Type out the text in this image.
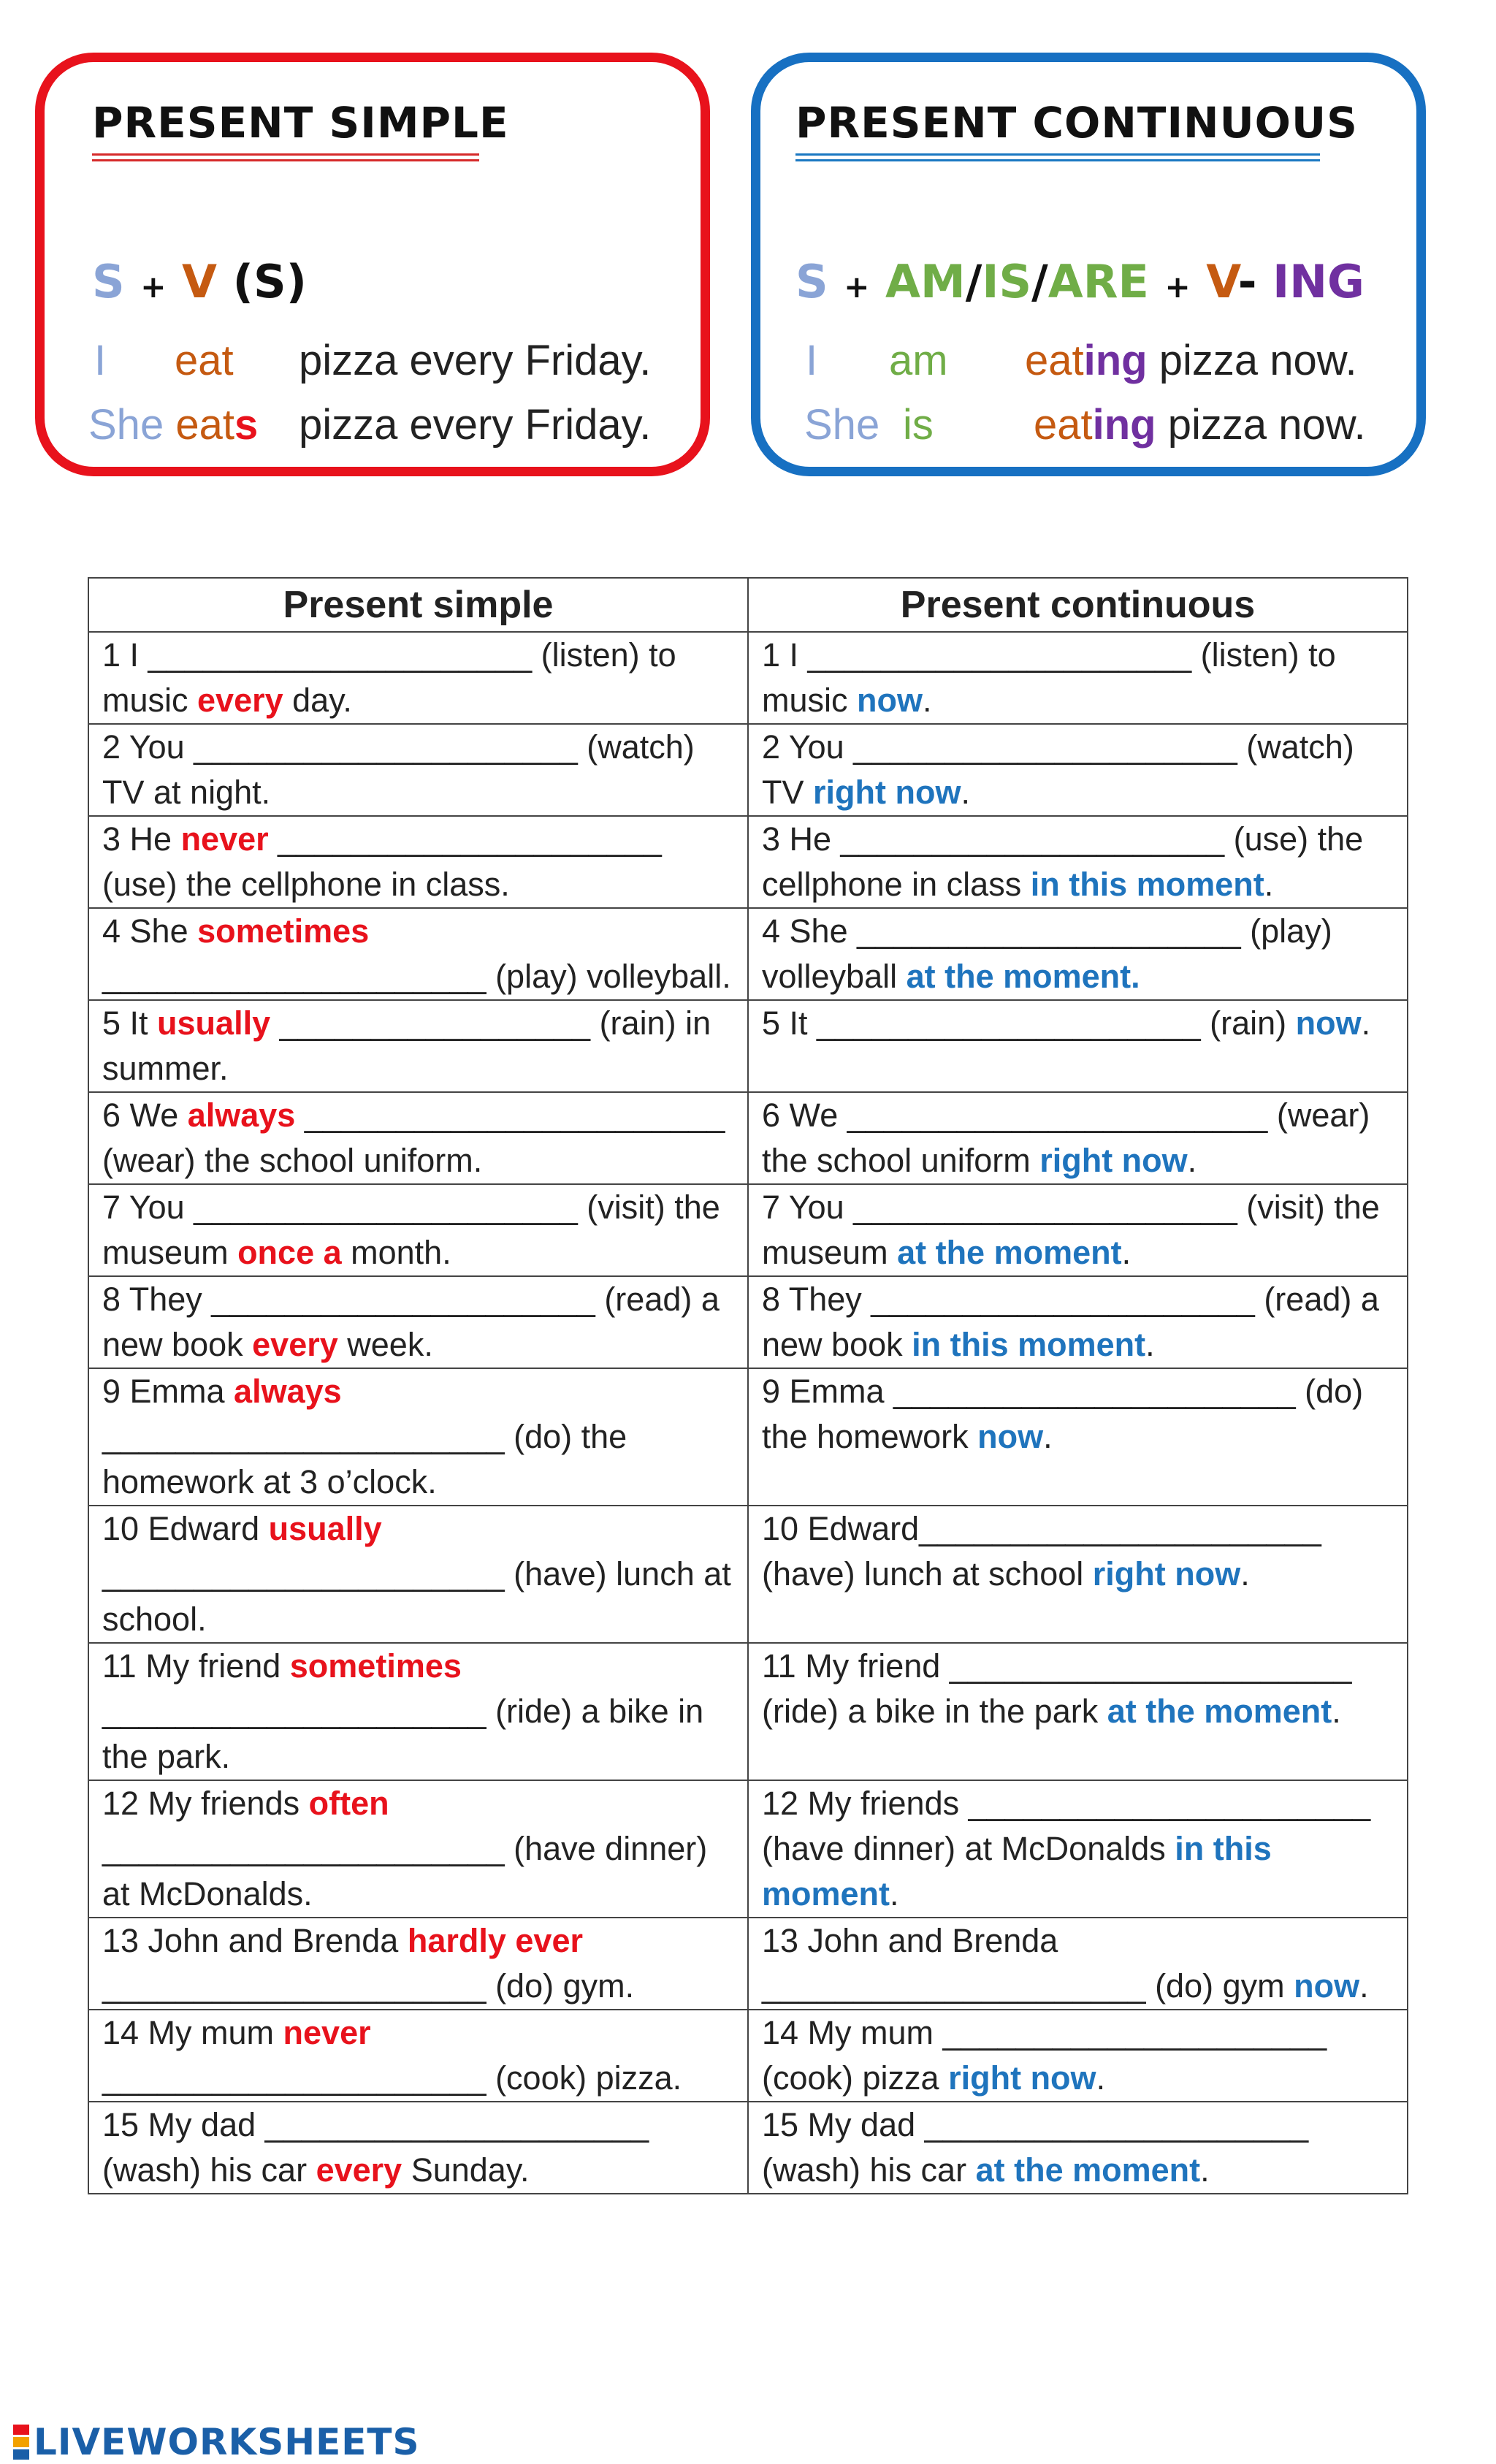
PRESENT SIMPLE
S + V (S)
I eat pizza every Friday.
She eats pizza every Friday.
PRESENT CONTINUOUS
S + AM/IS/ARE + V- ING
I am eating pizza now.
She is eating pizza now.
Present simple	Present continuous
1 I _____________________ (listen) to music every day.	1 I _____________________ (listen) to music now.
2 You _____________________ (watch) TV at night.	2 You _____________________ (watch) TV right now.
3 He never _____________________ (use) the cellphone in class.	3 He _____________________ (use) the cellphone in class in this moment.
4 She sometimes _____________________ (play) volleyball.	4 She _____________________ (play) volleyball at the moment.
5 It usually _________________ (rain) in summer.	5 It _____________________ (rain) now.
6 We always _______________________ (wear) the school uniform.	6 We _______________________ (wear) the school uniform right now.
7 You _____________________ (visit) the museum once a month.	7 You _____________________ (visit) the museum at the moment.
8 They _____________________ (read) a new book every week.	8 They _____________________ (read) a new book in this moment.
9 Emma always ______________________ (do) the homework at 3 o’clock.	9 Emma ______________________ (do) the homework now.
10 Edward usually ______________________ (have) lunch at school.	10 Edward______________________ (have) lunch at school right now.
11 My friend sometimes _____________________ (ride) a bike in the park.	11 My friend ______________________ (ride) a bike in the park at the moment.
12 My friends often ______________________ (have dinner) at McDonalds.	12 My friends ______________________ (have dinner) at McDonalds in this moment.
13 John and Brenda hardly ever _____________________ (do) gym.	13 John and Brenda _____________________ (do) gym now.
14 My mum never _____________________ (cook) pizza.	14 My mum _____________________ (cook) pizza right now.
15 My dad _____________________ (wash) his car every Sunday.	15 My dad _____________________ (wash) his car at the moment.
LIVEWORKSHEETS
